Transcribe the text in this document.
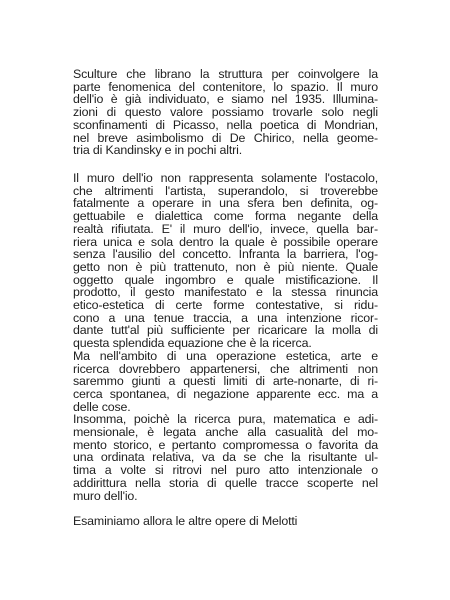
Sculture che librano la struttura per coinvolgere la
parte fenomenica del contenitore, lo spazio. Il muro
dell'io è già individuato, e siamo nel 1935. Illumina-
zioni di questo valore possiamo trovarle solo negli
sconfinamenti di Picasso, nella poetica di Mondrian,
nel breve asimbolismo di De Chirico, nella geome-
tria di Kandinsky e in pochi altri.
Il muro dell'io non rappresenta solamente l'ostacolo,
che altrimenti l'artista, superandolo, si troverebbe
fatalmente a operare in una sfera ben definita, og-
gettuabile e dialettica come forma negante della
realtà rifiutata. E' il muro dell'io, invece, quella bar-
riera unica e sola dentro la quale è possibile operare
senza l'ausilio del concetto. Infranta la barriera, l'og-
getto non è più trattenuto, non è più niente. Quale
oggetto quale ingombro e quale mistificazione. Il
prodotto, il gesto manifestato e la stessa rinuncia
etico-estetica di certe forme contestative, si ridu-
cono a una tenue traccia, a una intenzione ricor-
dante tutt'al più sufficiente per ricaricare la molla di
questa splendida equazione che è la ricerca.
Ma nell'ambito di una operazione estetica, arte e
ricerca dovrebbero appartenersi, che altrimenti non
saremmo giunti a questi limiti di arte-nonarte, di ri-
cerca spontanea, di negazione apparente ecc. ma a
delle cose.
Insomma, poichè la ricerca pura, matematica e adi-
mensionale, è legata anche alla casualità del mo-
mento storico, e pertanto compromessa o favorita da
una ordinata relativa, va da se che la risultante ul-
tima a volte si ritrovi nel puro atto intenzionale o
addirittura nella storia di quelle tracce scoperte nel
muro dell'io.
Esaminiamo allora le altre opere di Melotti
